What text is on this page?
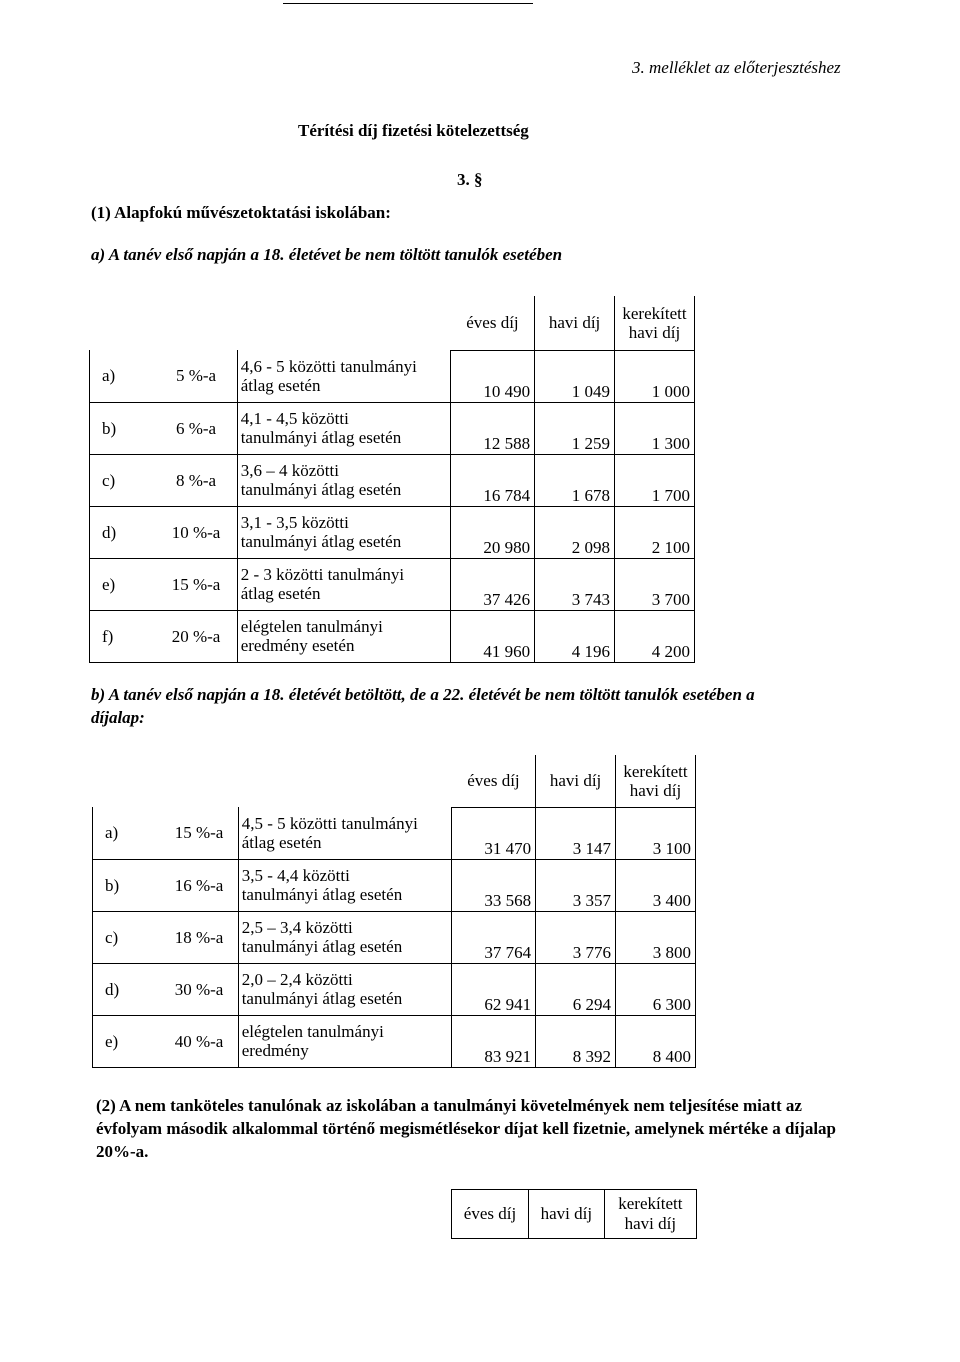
3. melléklet az előterjesztéshez
Térítési díj fizetési kötelezettség
3. §
(1) Alapfokú művészetoktatási iskolában:
a) A tanév első napján a 18. életévet be nem töltött tanulók esetében
			éves díj	havi díj	kerekített
havi díj

a)	5 %-a	4,6 - 5 közötti tanulmányi
átlag esetén	10 490	1 049	1 000
b)	6 %-a	4,1 - 4,5 közötti
tanulmányi átlag esetén	12 588	1 259	1 300
c)	8 %-a	3,6 – 4 közötti
tanulmányi átlag esetén	16 784	1 678	1 700
d)	10 %-a	3,1 - 3,5 közötti
tanulmányi átlag esetén	20 980	2 098	2 100
e)	15 %-a	2 - 3 közötti tanulmányi
átlag esetén	37 426	3 743	3 700
f)	20 %-a	elégtelen tanulmányi
eredmény esetén	41 960	4 196	4 200
b) A tanév első napján a 18. életévét betöltött, de a 22. életévét be nem töltött tanulók esetében a
díjalap:
			éves díj	havi díj	kerekített
havi díj

a)	15 %-a	4,5 - 5 közötti tanulmányi
átlag esetén	31 470	3 147	3 100
b)	16 %-a	3,5 - 4,4 közötti
tanulmányi átlag esetén	33 568	3 357	3 400
c)	18 %-a	2,5 – 3,4 közötti
tanulmányi átlag esetén	37 764	3 776	3 800
d)	30 %-a	2,0 – 2,4 közötti
tanulmányi átlag esetén	62 941	6 294	6 300
e)	40 %-a	elégtelen tanulmányi
eredmény	83 921	8 392	8 400
(2) A nem tanköteles tanulónak az iskolában a tanulmányi követelmények nem teljesítése miatt az évfolyam második alkalommal történő megismétlésekor díjat kell fizetnie, amelynek mértéke a díjalap 20%-a.
éves díj	havi díj	
kerekített
havi díj
